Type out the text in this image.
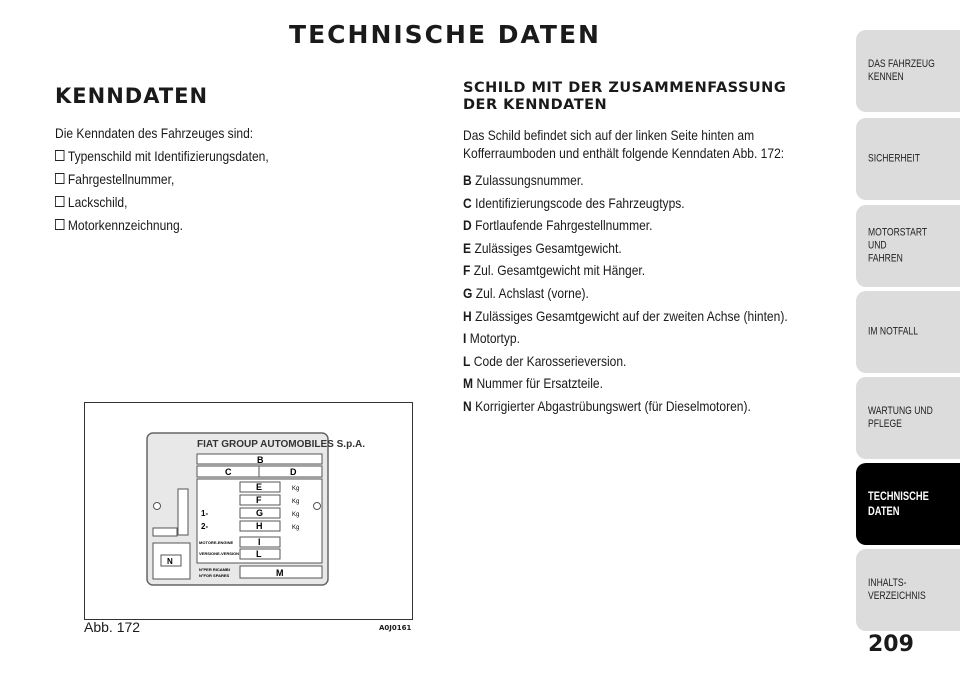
TECHNISCHE DATEN
KENNDATEN

Die Kenndaten des Fahrzeuges sind:

Typenschild mit Identifizierungsdaten,
Fahrgestellnummer,
Lackschild,
Motorkennzeichnung.
SCHILD MIT DER ZUSAMMENFASSUNG
DER KENNDATEN

Das Schild befindet sich auf der linken Seite hinten am

Kofferraumboden und enthält folgende Kenndaten Abb. 172:

B Zulassungsnummer.
C Identifizierungscode des Fahrzeugtyps.
D Fortlaufende Fahrgestellnummer.
E Zulässiges Gesamtgewicht.
F Zul. Gesamtgewicht mit Hänger.
G Zul. Achslast (vorne).
H Zulässiges Gesamtgewicht auf der zweiten Achse (hinten).
I Motortyp.
L Code der Karosserieversion.
M Nummer für Ersatzteile.
N Korrigierter Abgastrübungswert (für Dieselmotoren).
FIAT GROUP AUTOMOBILES S.p.A.
B
C	D
E
F
G
H
Kg
Kg
Kg
Kg
1-
2-
MOTORE-ENGINE	I
VERSIONE-VERSION L
N°PER RICAMBI
N°FOR SPARES	M
N
Abb. 172	A0J0161
DAS FAHRZEUG
KENNEN
SICHERHEIT
MOTORSTART UND
FAHREN
IM NOTFALL
WARTUNG UND
PFLEGE
TECHNISCHE
DATEN
INHALTS-
VERZEICHNIS
209
